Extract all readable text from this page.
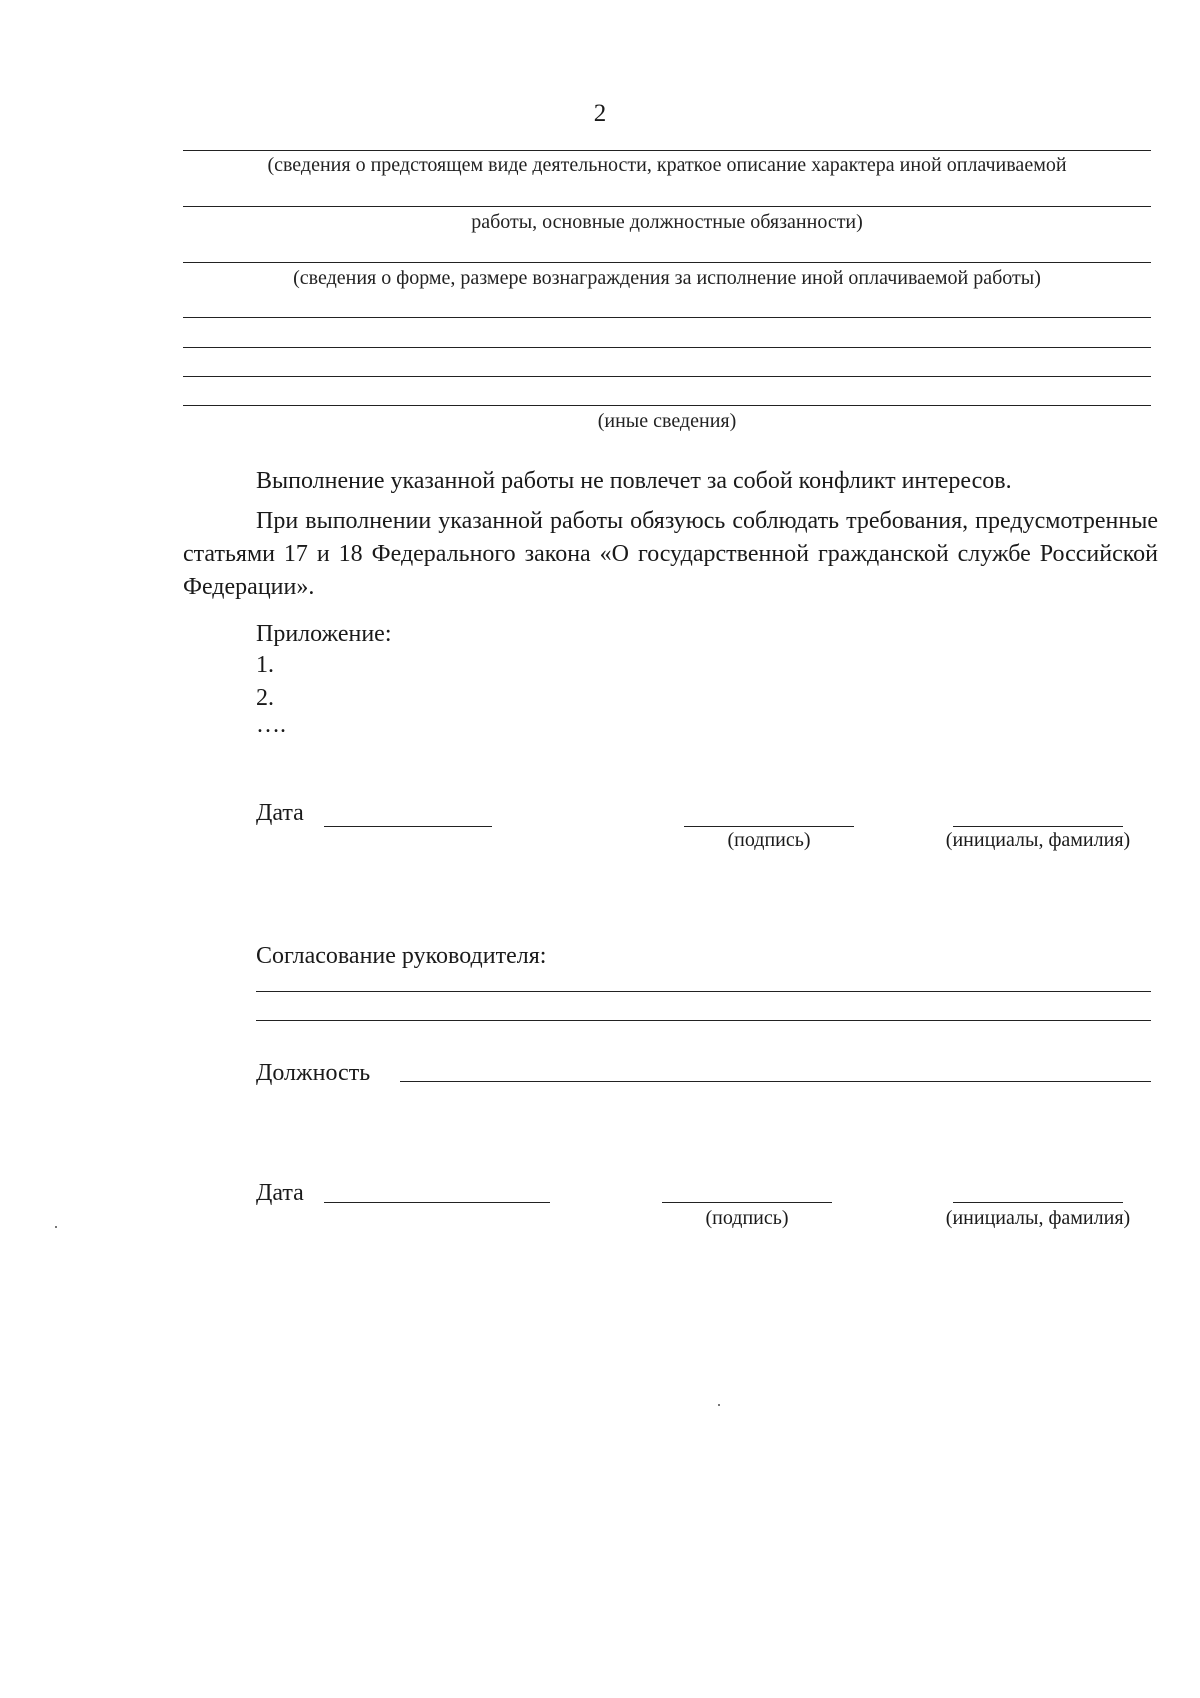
2
(сведения о предстоящем виде деятельности, краткое описание характера иной оплачиваемой
работы, основные должностные обязанности)
(сведения о форме, размере вознаграждения за исполнение иной оплачиваемой работы)
(иные сведения)
Выполнение указанной работы не повлечет за собой конфликт интересов.
При выполнении указанной работы обязуюсь соблюдать требования, предусмотренные статьями 17 и 18 Федерального закона «О государственной гражданской службе Российской Федерации».
Приложение:
1.
2.
….
Дата
(подпись)	(инициалы, фамилия)
Согласование руководителя:
Должность
Дата
(подпись)	(инициалы, фамилия)
